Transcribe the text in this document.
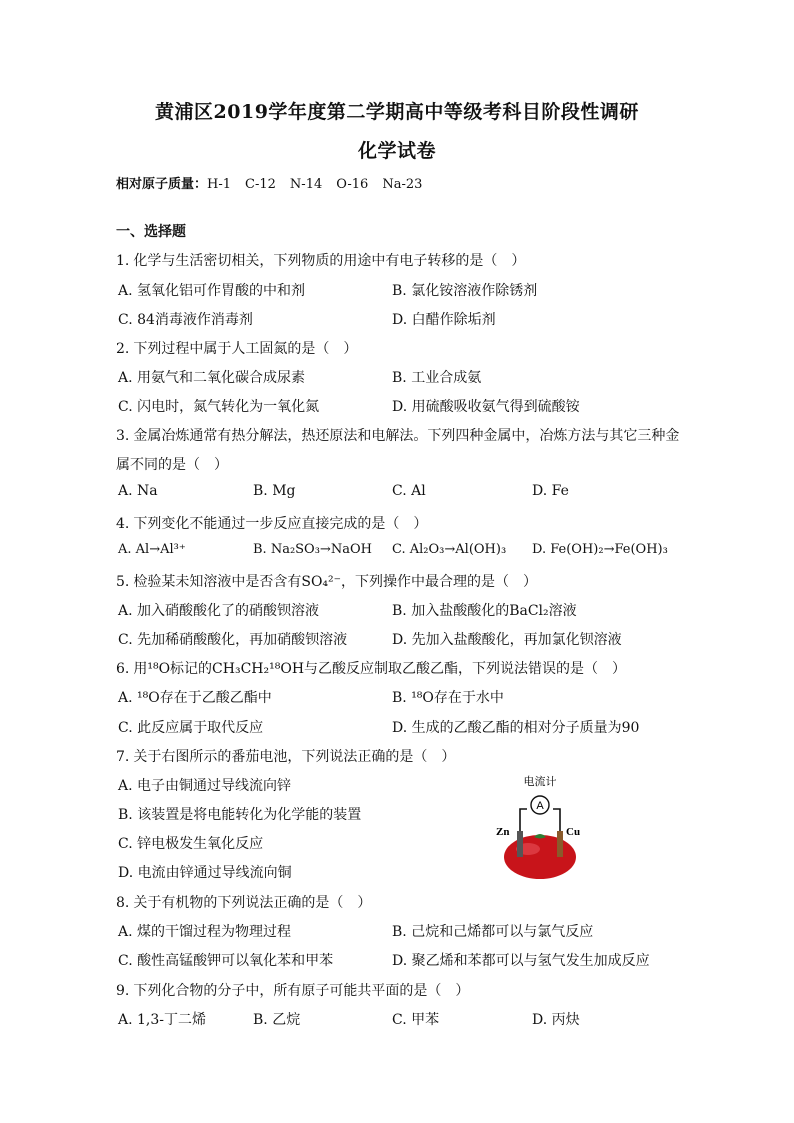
黄浦区2019学年度第二学期高中等级考科目阶段性调研
化学试卷
相对原子质量：H-1 C-12 N-14 O-16 Na-23
一、选择题
1. 化学与生活密切相关，下列物质的用途中有电子转移的是（　）
A. 氢氧化铝可作胃酸的中和剂	B. 氯化铵溶液作除锈剂
C. 84消毒液作消毒剂	D. 白醋作除垢剂
2. 下列过程中属于人工固氮的是（　）
A. 用氨气和二氧化碳合成尿素	B. 工业合成氨
C. 闪电时，氮气转化为一氧化氮	D. 用硫酸吸收氨气得到硫酸铵
3. 金属冶炼通常有热分解法，热还原法和电解法。下列四种金属中，冶炼方法与其它三种金
属不同的是（　）
A. Na	B. Mg	C. Al	D. Fe
4. 下列变化不能通过一步反应直接完成的是（　）
A. Al→Al³⁺	B. Na₂SO₃→NaOH C. Al₂O₃→Al(OH)₃ D. Fe(OH)₂→Fe(OH)₃
5. 检验某未知溶液中是否含有SO₄²⁻，下列操作中最合理的是（　）
A. 加入硝酸酸化了的硝酸钡溶液	B. 加入盐酸酸化的BaCl₂溶液
C. 先加稀硝酸酸化，再加硝酸钡溶液	D. 先加入盐酸酸化，再加氯化钡溶液
6. 用¹⁸O标记的CH₃CH₂¹⁸OH与乙酸反应制取乙酸乙酯，下列说法错误的是（　）
A. ¹⁸O存在于乙酸乙酯中	B. ¹⁸O存在于水中
C. 此反应属于取代反应	D. 生成的乙酸乙酯的相对分子质量为90
7. 关于右图所示的番茄电池，下列说法正确的是（　）
A. 电子由铜通过导线流向锌
B. 该装置是将电能转化为化学能的装置
C. 锌电极发生氧化反应
D. 电流由锌通过导线流向铜
电流计
A
Zn	Cu
8. 关于有机物的下列说法正确的是（　）
A. 煤的干馏过程为物理过程	B. 己烷和己烯都可以与氯气反应
C. 酸性高锰酸钾可以氧化苯和甲苯	D. 聚乙烯和苯都可以与氢气发生加成反应
9. 下列化合物的分子中，所有原子可能共平面的是（　）
A. 1,3-丁二烯	B. 乙烷	C. 甲苯	D. 丙炔
